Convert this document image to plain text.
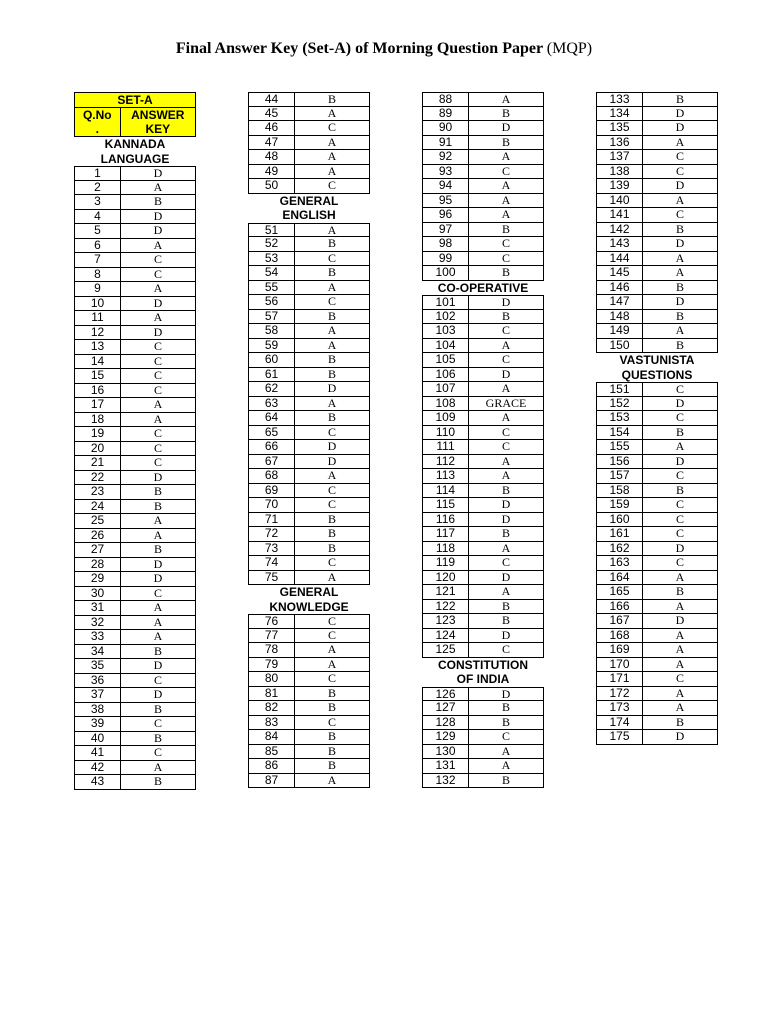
Final Answer Key (Set-A) of Morning Question Paper (MQP)
SET-A
Q.No
.
ANSWER
KEY
KANNADA
LANGUAGE
1	D
2	A
3	B
4	D
5	D
6	A
7	C
8	C
9	A
10	D
11	A
12	D
13	C
14	C
15	C
16	C
17	A
18	A
19	C
20	C
21	C
22	D
23	B
24	B
25	A
26	A
27	B
28	D
29	D
30	C
31	A
32	A
33	A
34	B
35	D
36	C
37	D
38	B
39	C
40	B
41	C
42	A
43	B
44	B
45	A
46	C
47	A
48	A
49	A
50	C
GENERAL
ENGLISH
51	A
52	B
53	C
54	B
55	A
56	C
57	B
58	A
59	A
60	B
61	B
62	D
63	A
64	B
65	C
66	D
67	D
68	A
69	C
70	C
71	B
72	B
73	B
74	C
75	A
GENERAL
KNOWLEDGE
76	C
77	C
78	A
79	A
80	C
81	B
82	B
83	C
84	B
85	B
86	B
87	A
88	A
89	B
90	D
91	B
92	A
93	C
94	A
95	A
96	A
97	B
98	C
99	C
100	B
CO-OPERATIVE
101	D
102	B
103	C
104	A
105	C
106	D
107	A
108	GRACE
109	A
110	C
111	C
112	A
113	A
114	B
115	D
116	D
117	B
118	A
119	C
120	D
121	A
122	B
123	B
124	D
125	C
CONSTITUTION
OF INDIA
126	D
127	B
128	B
129	C
130	A
131	A
132	B
133	B
134	D
135	D
136	A
137	C
138	C
139	D
140	A
141	C
142	B
143	D
144	A
145	A
146	B
147	D
148	B
149	A
150	B
VASTUNISTA
QUESTIONS
151	C
152	D
153	C
154	B
155	A
156	D
157	C
158	B
159	C
160	C
161	C
162	D
163	C
164	A
165	B
166	A
167	D
168	A
169	A
170	A
171	C
172	A
173	A
174	B
175	D
